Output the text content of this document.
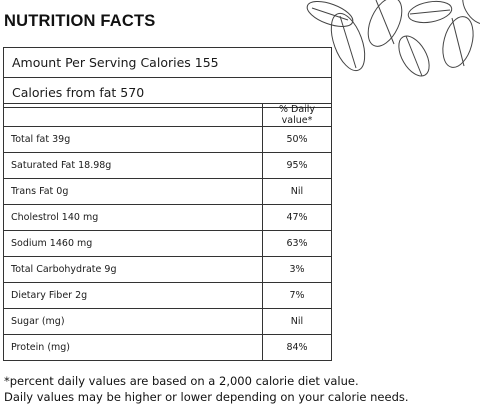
NUTRITION FACTS
Amount Per Serving Calories 155
Calories from fat 570
	% Daily value*
Total fat 39g	50%
Saturated Fat 18.98g	95%
Trans Fat 0g	Nil
Cholestrol 140 mg	47%
Sodium 1460 mg	63%
Total Carbohydrate 9g	3%
Dietary Fiber 2g	7%
Sugar (mg)	Nil
Protein (mg)	84%
*percent daily values are based on a 2,000 calorie diet value.
Daily values may be higher or lower depending on your calorie needs.
